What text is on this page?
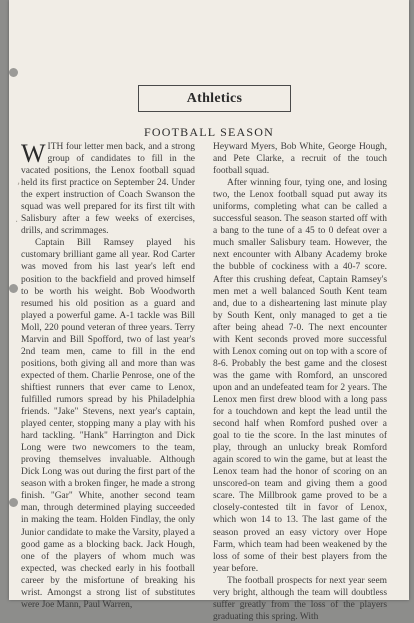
,
.
Athletics
FOOTBALL SEASON

WITH four letter men back, and a strong group of candidates to fill in the vacated positions, the Lenox football squad held its first practice on September 24. Under the expert instruction of Coach Swanson the squad was well prepared for its first tilt with Salisbury after a few weeks of exercises, drills, and scrimmages.

Captain Bill Ramsey played his customary brilliant game all year. Rod Carter was moved from his last year's left end position to the backfield and proved himself to be worth his weight. Bob Woodworth resumed his old position as a guard and played a powerful game. A-1 tackle was Bill Moll, 220 pound veteran of three years. Terry Marvin and Bill Spofford, two of last year's 2nd team men, came to fill in the end positions, both giving all and more than was expected of them. Charlie Penrose, one of the shiftiest runners that ever came to Lenox, fulfilled rumors spread by his Philadelphia friends. "Jake" Stevens, next year's captain, played center, stopping many a play with his hard tackling. "Hank" Harrington and Dick Long were two newcomers to the team, proving themselves invaluable. Although Dick Long was out during the first part of the season with a broken finger, he made a strong finish. "Gar" White, another second team man, through determined playing succeeded in making the team. Holden Findlay, the only Junior candidate to make the Varsity, played a good game as a blocking back. Jack Hough, one of the players of whom much was expected, was checked early in his football career by the misfortune of breaking his wrist. Amongst a strong list of substitutes were Joe Mann, Paul Warren,

Heyward Myers, Bob White, George Hough, and Pete Clarke, a recruit of the touch football squad.

After winning four, tying one, and losing two, the Lenox football squad put away its uniforms, completing what can be called a successful season. The season started off with a bang to the tune of a 45 to 0 defeat over a much smaller Salisbury team. However, the next encounter with Albany Academy broke the bubble of cockiness with a 40-7 score. After this crushing defeat, Captain Ramsey's men met a well balanced South Kent team and, due to a disheartening last minute play by South Kent, only managed to get a tie after being ahead 7-0. The next encounter with Kent seconds proved more successful with Lenox coming out on top with a score of 8-6. Probably the best game and the closest was the game with Romford, an unscored upon and an undefeated team for 2 years. The Lenox men first drew blood with a long pass for a touchdown and kept the lead until the second half when Romford pushed over a goal to tie the score. In the last minutes of play, through an unlucky break Romford again scored to win the game, but at least the Lenox team had the honor of scoring on an unscored-on team and giving them a good scare. The Millbrook game proved to be a closely-contested tilt in favor of Lenox, which won 14 to 13. The last game of the season proved an easy victory over Hope Farm, which team had been weakened by the loss of some of their best players from the year before.

The football prospects for next year seem very bright, although the team will doubtless suffer greatly from the loss of the players graduating this spring. With
